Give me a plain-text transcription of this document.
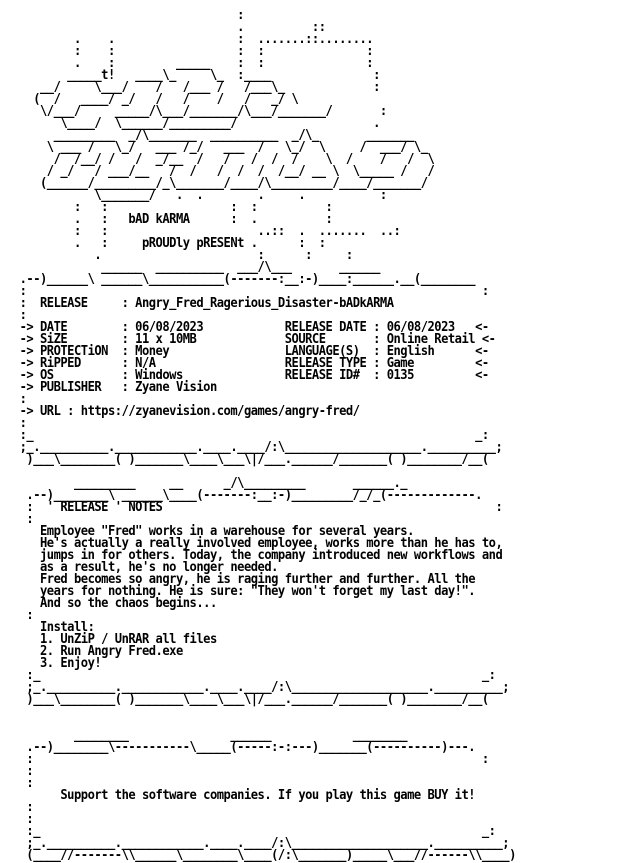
:
.          ::
.    .                  :  .......::........
:    :                  :  :               :
.    :         _____    :  :               :
_____t!   ____\_     \_  :____               :
__/     \___/    /   /___ /   /___\_             :
(  /   ____/ _/   /   /    /   /   _/ \
\/___/     _____/\___/_______/\___/_______/       :
\____/  \______/_________/                    .
_________  _/\_______  __________  _/\_       _______
\ ___ /   \_/   ___ /_/   ___  /   \_/  \     /  ___/ \_
/  /__/ /   /  _/__  /   /   /  /  /    \  /    /   /  \
/ _/   / ___/__   /  /   /  /  /  /__/ __ \  \_____ /   /
(______/_________/_\_______/____/\_________/____/_______/
\_______/   .  .        .     .           :
:   :                  :  :          :
.   :   bAD kARMA      :  .          :
:   :                      ..::  .  .......  ..:
.   :     pROUDly pRESENt .      :  :
.                       :      :     :
______  __________  ___/\___       ______
.--)______\ ______\___________(-------:__:-)____:______.__(________
:                                                                   :
:  RELEASE     : Angry_Fred_Ragerious_Disaster-bADkARMA
:
-> DATE        : 06/08/2023            RELEASE DATE : 06/08/2023   <-
-> SiZE        : 11 x 10MB             SOURCE       : Online Retail <-
-> PROTECTiON  : Money                 LANGUAGE(S)  : English      <-
-> RiPPED      : N/A                   RELEASE TYPE : Game         <-
-> OS          : Windows               RELEASE ID#  : 0135         <-
-> PUBLISHER   : Zyane Vision
:
-> URL : https://zyanevision.com/games/angry-fred/
:
:_                                                                 _:
;_.__________.____________.____.____/:\____________________.__________;
)___\________( )_______\____\___\|/___.______/_______( )________/__(
_________     __      _/\_________       ______._
.--)________\ ______\____(-------:__:-)_________/_/_(-------------.
:  ' RELEASE ' NOTES                                                 :
:
Employee "Fred" works in a warehouse for several years.
He's actually a really involved employee, works more than he has to,
jumps in for others. Today, the company introduced new workflows and
as a result, he's no longer needed.
Fred becomes so angry, he is raging further and further. All the
years for nothing. He is sure: "They won't forget my last day!".
And so the chaos begins...
:
Install:
1. UnZiP / UnRAR all files
2. Run Angry Fred.exe
3. Enjoy!
:_                                                                 _:
;_.__________.____________.____.____/:\____________________.__________;
)___\________( )_______\____\___\|/___.______/_______( )________/__(
________               ______            ________
.--)________\-----------\_____(-----:-:---)_______(----------)---.
:                                                                  :
:
:
Support the software companies. If you play this game BUY it!
:
:
:_                                                                 _:
;_.__________.____________.____.____/:\____________________.__________;
(____//-------\\______\________\____(/:\_______)_____\___//------\\____)
